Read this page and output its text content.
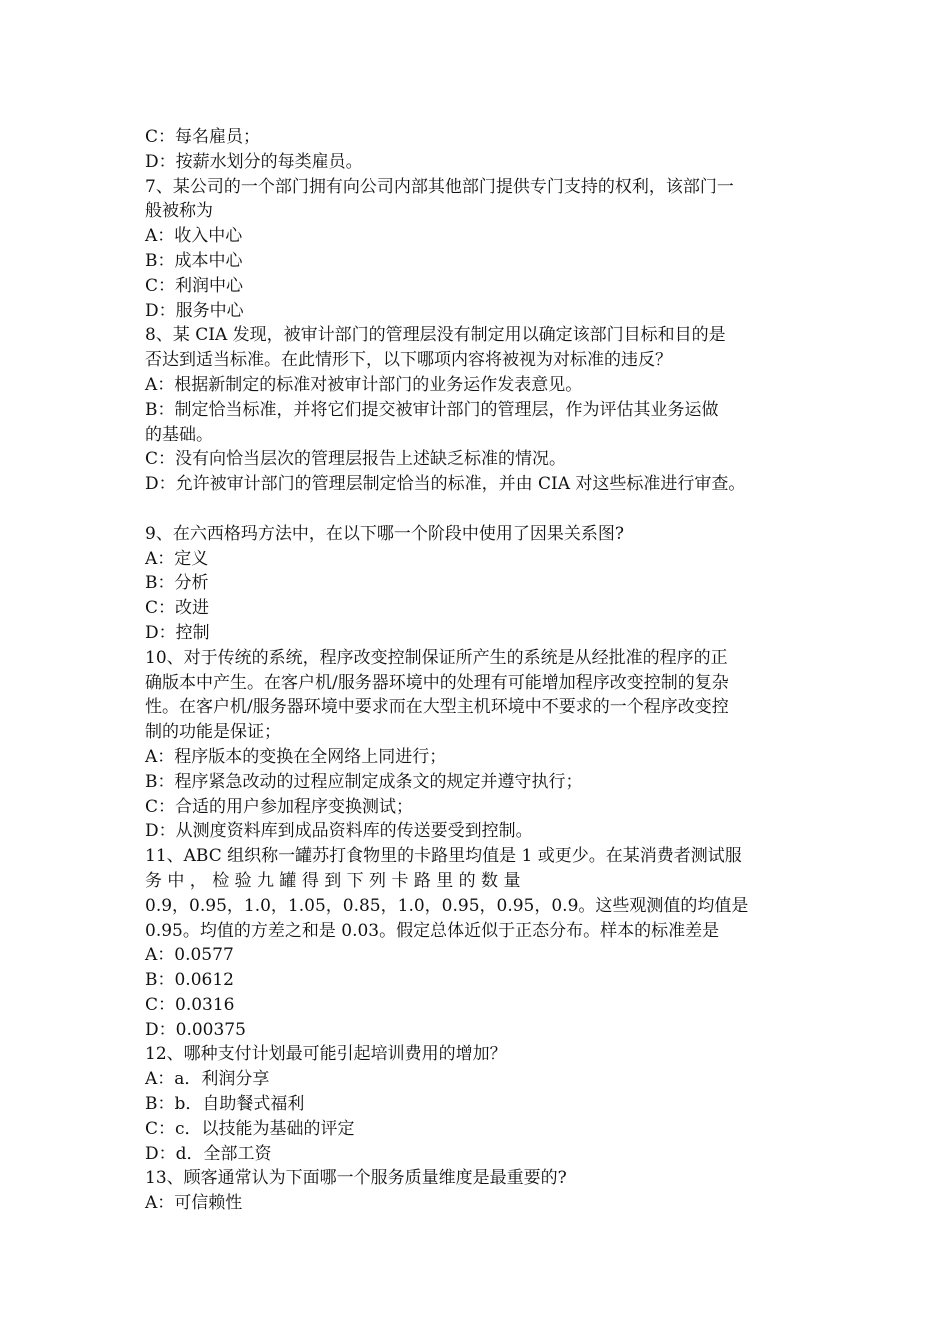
C：每名雇员；
D：按薪水划分的每类雇员。
7、某公司的一个部门拥有向公司内部其他部门提供专门支持的权利，该部门一
般被称为
A：收入中心
B：成本中心
C：利润中心
D：服务中心
8、某 CIA 发现，被审计部门的管理层没有制定用以确定该部门目标和目的是
否达到适当标准。在此情形下，以下哪项内容将被视为对标准的违反？
A：根据新制定的标准对被审计部门的业务运作发表意见。
B：制定恰当标准，并将它们提交被审计部门的管理层，作为评估其业务运做
的基础。
C：没有向恰当层次的管理层报告上述缺乏标准的情况。
D：允许被审计部门的管理层制定恰当的标准，并由 CIA 对这些标准进行审查。
9、在六西格玛方法中，在以下哪一个阶段中使用了因果关系图?
A：定义
B：分析
C：改进
D：控制
10、对于传统的系统，程序改变控制保证所产生的系统是从经批准的程序的正
确版本中产生。在客户机/服务器环境中的处理有可能增加程序改变控制的复杂
性。在客户机/服务器环境中要求而在大型主机环境中不要求的一个程序改变控
制的功能是保证；
A：程序版本的变换在全网络上同进行；
B：程序紧急改动的过程应制定成条文的规定并遵守执行；
C：合适的用户参加程序变换测试；
D：从测度资料库到成品资料库的传送要受到控制。
11、ABC 组织称一罐苏打食物里的卡路里均值是 1 或更少。在某消费者测试服
务 中 ， 检 验 九 罐 得 到 下 列 卡 路 里 的 数 量
0.9，0.95，1.0，1.05，0.85，1.0，0.95，0.95，0.9。这些观测值的均值是
0.95。均值的方差之和是 0.03。假定总体近似于正态分布。样本的标准差是
A：0.0577
B：0.0612
C：0.0316
D：0.00375
12、哪种支付计划最可能引起培训费用的增加？
A：a．利润分享
B：b．自助餐式福利
C：c．以技能为基础的评定
D：d．全部工资
13、顾客通常认为下面哪一个服务质量维度是最重要的?
A：可信赖性
